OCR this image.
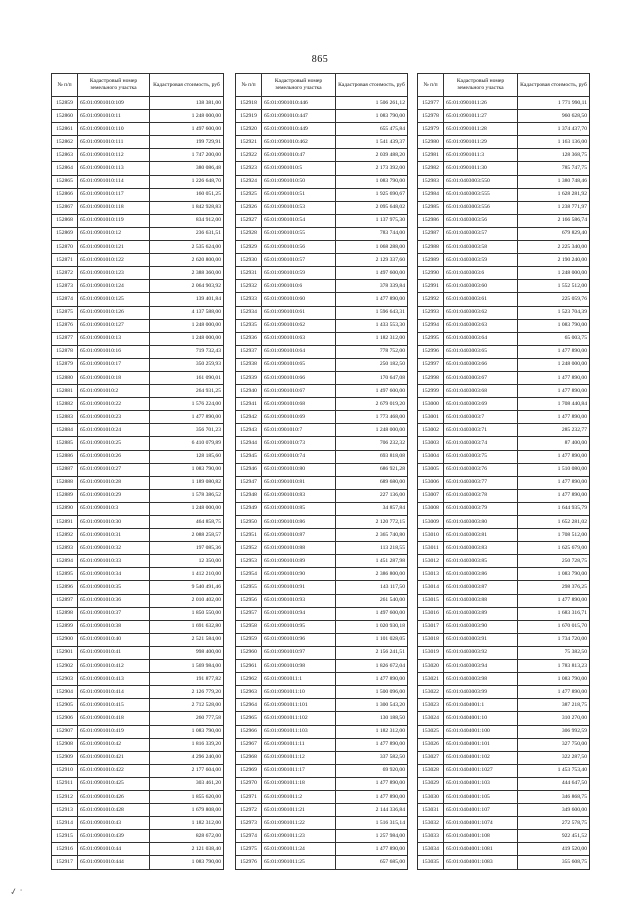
865
№ п/п	Кадастровый номер земельного участка	Кадастровая стоимость, руб
152859	65:01:0901010:109	138 381,00
152860	65:01:0901010:11	1 248 000,00
152861	65:01:0901010:110	1 497 600,00
152862	65:01:0901010:111	199 729,91
152863	65:01:0901010:112	1 747 200,00
152864	65:01:0901010:113	380 086,48
152865	65:01:0901010:114	1 226 648,70
152866	65:01:0901010:117	160 051,25
152867	65:01:0901010:118	1 842 928,83
152868	65:01:0901010:119	834 912,00
152869	65:01:0901010:12	236 631,51
152870	65:01:0901010:121	2 535 624,00
152871	65:01:0901010:122	2 620 800,00
152872	65:01:0901010:123	2 388 360,00
152873	65:01:0901010:124	2 064 903,92
152874	65:01:0901010:125	139 401,84
152875	65:01:0901010:126	4 137 588,00
152876	65:01:0901010:127	1 248 000,00
152877	65:01:0901010:13	1 248 000,00
152878	65:01:0901010:16	719 732,43
152879	65:01:0901010:17	350 259,93
152880	65:01:0901010:18	161 090,01
152881	65:01:0901010:2	264 931,25
152882	65:01:0901010:22	1 576 224,00
152883	65:01:0901010:23	1 477 890,00
152884	65:01:0901010:24	356 701,23
152885	65:01:0901010:25	6 410 079,89
152886	65:01:0901010:26	128 185,60
152887	65:01:0901010:27	1 083 790,00
152888	65:01:0901010:28	1 189 080,82
152889	65:01:0901010:29	1 578 386,52
152890	65:01:0901010:3	1 248 000,00
152891	65:01:0901010:30	464 858,75
152892	65:01:0901010:31	2 088 258,57
152893	65:01:0901010:32	197 085,36
152894	65:01:0901010:33	12 350,00
152895	65:01:0901010:34	1 412 210,00
152896	65:01:0901010:35	9 540 491,46
152897	65:01:0901010:36	2 010 402,00
152898	65:01:0901010:37	1 850 550,00
152899	65:01:0901010:38	1 691 632,80
152900	65:01:0901010:40	2 521 584,00
152901	65:01:0901010:41	998 400,00
152902	65:01:0901010:412	1 569 984,00
152903	65:01:0901010:413	191 877,82
152904	65:01:0901010:414	2 126 779,20
152905	65:01:0901010:415	2 712 528,00
152906	65:01:0901010:418	260 777,58
152907	65:01:0901010:419	1 083 790,00
152908	65:01:0901010:42	1 816 339,20
152909	65:01:0901010:421	4 296 240,00
152910	65:01:0901010:422	2 177 604,00
152911	65:01:0901010:425	303 461,20
152912	65:01:0901010:426	1 855 620,00
152913	65:01:0901010:428	1 679 808,00
152914	65:01:0901010:43	1 182 312,00
152915	65:01:0901010:439	828 672,00
152916	65:01:0901010:44	2 121 038,40
152917	65:01:0901010:444	1 083 790,00
№ п/п	Кадастровый номер земельного участка	Кадастровая стоимость, руб
152918	65:01:0901010:446	1 506 261,12
152919	65:01:0901010:447	1 083 790,00
152920	65:01:0901010:449	655 475,84
152921	65:01:0901010:462	1 541 439,37
152922	65:01:0901010:47	2 039 488,20
152923	65:01:0901010:5	2 173 392,00
152924	65:01:0901010:50	1 083 790,00
152925	65:01:0901010:51	1 925 690,67
152926	65:01:0901010:53	2 095 648,02
152927	65:01:0901010:54	1 137 975,30
152928	65:01:0901010:55	783 744,00
152929	65:01:0901010:56	1 068 288,00
152930	65:01:0901010:57	2 129 337,60
152931	65:01:0901010:59	1 497 600,00
152932	65:01:0901010:6	378 339,84
152933	65:01:0901010:60	1 477 890,00
152934	65:01:0901010:61	1 596 643,31
152935	65:01:0901010:62	1 433 553,30
152936	65:01:0901010:63	1 182 312,00
152937	65:01:0901010:64	778 752,00
152938	65:01:0901010:65	250 182,50
152939	65:01:0901010:66	170 647,08
152940	65:01:0901010:67	1 497 600,00
152941	65:01:0901010:68	2 679 019,20
152942	65:01:0901010:69	1 773 468,00
152943	65:01:0901010:7	1 248 000,00
152944	65:01:0901010:73	706 232,32
152945	65:01:0901010:74	693 818,08
152946	65:01:0901010:80	686 921,28
152947	65:01:0901010:81	689 680,00
152948	65:01:0901010:83	227 136,00
152949	65:01:0901010:85	34 857,84
152950	65:01:0901010:86	2 120 772,15
152951	65:01:0901010:87	2 365 740,80
152952	65:01:0901010:88	113 218,55
152953	65:01:0901010:89	1 451 287,98
152954	65:01:0901010:90	2 386 800,00
152955	65:01:0901010:91	143 117,50
152956	65:01:0901010:93	261 540,00
152957	65:01:0901010:94	1 497 600,00
152958	65:01:0901010:95	1 020 930,18
152959	65:01:0901010:96	1 101 028,05
152960	65:01:0901010:97	2 156 241,51
152961	65:01:0901010:98	1 826 672,04
152962	65:01:0901011:1	1 477 890,00
152963	65:01:0901011:10	1 500 096,00
152964	65:01:0901011:101	1 300 543,20
152965	65:01:0901011:102	130 188,50
152966	65:01:0901011:103	1 182 312,00
152967	65:01:0901011:11	1 477 890,00
152968	65:01:0901011:12	337 582,50
152969	65:01:0901011:17	69 920,00
152970	65:01:0901011:18	1 477 890,00
152971	65:01:0901011:2	1 477 890,00
152972	65:01:0901011:21	2 144 336,84
152973	65:01:0901011:22	1 516 315,14
152974	65:01:0901011:23	1 257 984,00
152975	65:01:0901011:24	1 477 890,00
152976	65:01:0901011:25	657 685,00
№ п/п	Кадастровый номер земельного участка	Кадастровая стоимость, руб
152977	65:01:0901011:26	1 771 990,11
152978	65:01:0901011:27	960 628,50
152979	65:01:0901011:28	1 374 437,70
152980	65:01:0901011:29	1 163 136,00
152981	65:01:0901011:3	128 368,75
152982	65:01:0901011:30	785 747,75
152983	65:01:0403003:550	1 380 748,46
152984	65:01:0403003:555	1 628 281,92
152985	65:01:0403003:556	1 238 771,97
152986	65:01:0403003:56	2 166 586,74
152987	65:01:0403003:57	679 829,40
152988	65:01:0403003:58	2 225 340,00
152989	65:01:0403003:59	2 190 240,00
152990	65:01:0403003:6	1 248 000,00
152991	65:01:0403003:60	1 552 512,00
152992	65:01:0403003:61	225 059,76
152993	65:01:0403003:62	1 523 704,39
152994	65:01:0403003:63	1 083 790,00
152995	65:01:0403003:64	65 003,75
152996	65:01:0403003:65	1 477 890,00
152997	65:01:0403003:66	1 248 000,00
152998	65:01:0403003:67	1 477 890,00
152999	65:01:0403003:68	1 477 890,00
153000	65:01:0403003:69	1 708 440,84
153001	65:01:0403003:7	1 477 890,00
153002	65:01:0403003:71	285 232,77
153003	65:01:0403003:74	87 400,00
153004	65:01:0403003:75	1 477 890,00
153005	65:01:0403003:76	1 510 080,00
153006	65:01:0403003:77	1 477 890,00
153007	65:01:0403003:78	1 477 890,00
153008	65:01:0403003:79	1 644 935,79
153009	65:01:0403003:80	1 652 281,02
153010	65:01:0403003:81	1 708 512,00
153011	65:01:0403003:83	1 625 679,00
153012	65:01:0403003:85	250 728,75
153013	65:01:0403003:86	1 083 790,00
153014	65:01:0403003:87	298 376,25
153015	65:01:0403003:88	1 477 890,00
153016	65:01:0403003:89	1 683 316,71
153017	65:01:0403003:90	1 670 015,70
153018	65:01:0403003:91	1 734 720,00
153019	65:01:0403003:92	75 382,50
153020	65:01:0403003:94	1 783 813,23
153021	65:01:0403003:98	1 083 790,00
153022	65:01:0403003:99	1 477 890,00
153023	65:01:0404001:1	387 218,75
153024	65:01:0404001:10	310 270,00
153025	65:01:0404001:100	306 992,59
153026	65:01:0404001:101	327 750,00
153027	65:01:0404001:102	322 287,50
153028	65:01:0404001:1027	1 453 753,40
153029	65:01:0404001:103	444 647,50
153030	65:01:0404001:105	346 868,75
153031	65:01:0404001:107	349 600,00
153032	65:01:0404001:1074	272 578,75
153033	65:01:0404001:108	922 451,52
153034	65:01:0404001:1081	419 520,00
153035	65:01:0404001:1083	355 608,75
✓ ·
